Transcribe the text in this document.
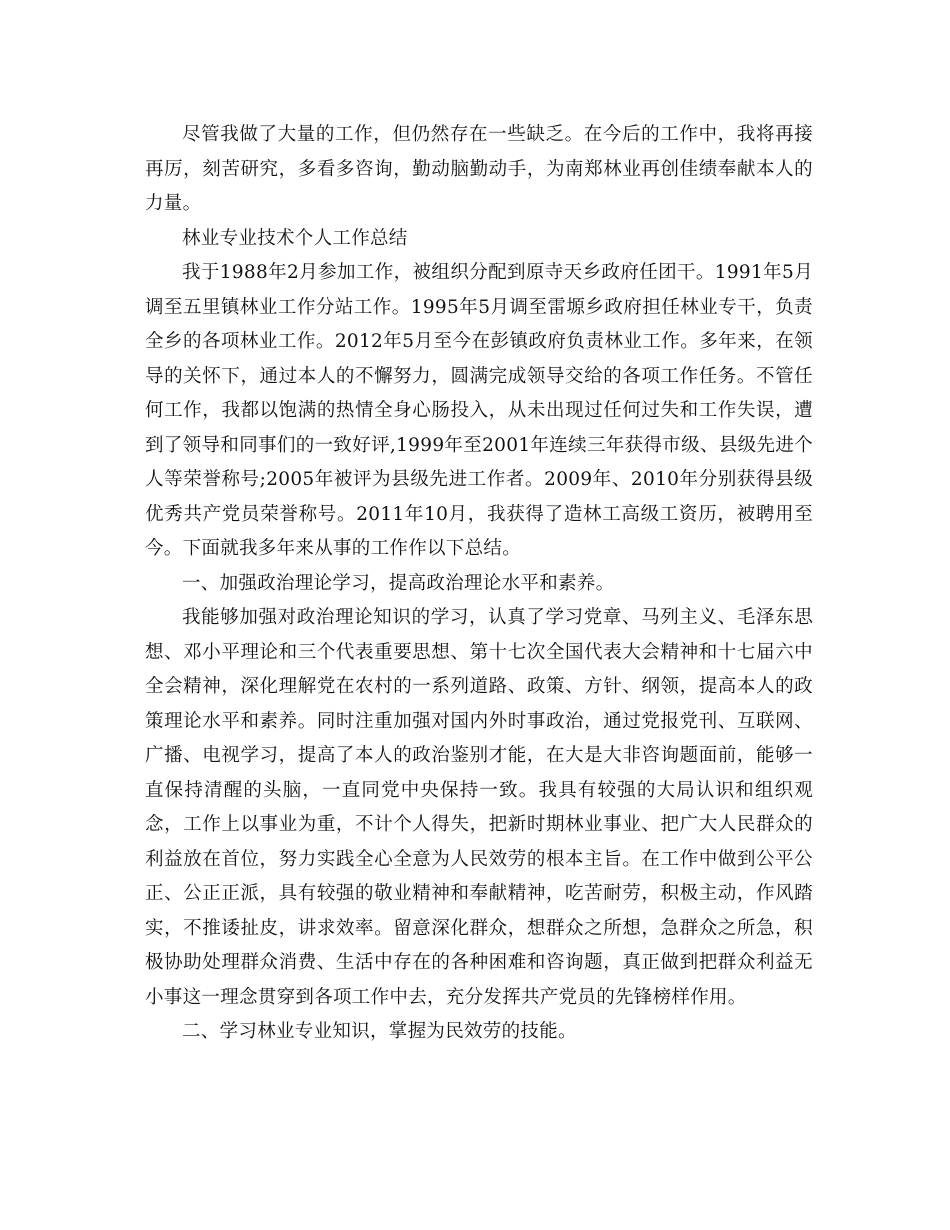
尽管我做了大量的工作，但仍然存在一些缺乏。在今后的工作中，我将再接再厉，刻苦研究，多看多咨询，勤动脑勤动手，为南郑林业再创佳绩奉献本人的力量。

林业专业技术个人工作总结

我于1988年2月参加工作，被组织分配到原寺天乡政府任团干。1991年5月调至五里镇林业工作分站工作。1995年5月调至雷塬乡政府担任林业专干，负责全乡的各项林业工作。2012年5月至今在彭镇政府负责林业工作。多年来，在领导的关怀下，通过本人的不懈努力，圆满完成领导交给的各项工作任务。不管任何工作，我都以饱满的热情全身心肠投入，从未出现过任何过失和工作失误，遭到了领导和同事们的一致好评,1999年至2001年连续三年获得市级、县级先进个人等荣誉称号;2005年被评为县级先进工作者。2009年、2010年分别获得县级优秀共产党员荣誉称号。2011年10月，我获得了造林工高级工资历，被聘用至今。下面就我多年来从事的工作作以下总结。

一、加强政治理论学习，提高政治理论水平和素养。

我能够加强对政治理论知识的学习，认真了学习党章、马列主义、毛泽东思想、邓小平理论和三个代表重要思想、第十七次全国代表大会精神和十七届六中全会精神，深化理解党在农村的一系列道路、政策、方针、纲领，提高本人的政策理论水平和素养。同时注重加强对国内外时事政治，通过党报党刊、互联网、广播、电视学习，提高了本人的政治鉴别才能，在大是大非咨询题面前，能够一直保持清醒的头脑，一直同党中央保持一致。我具有较强的大局认识和组织观念，工作上以事业为重，不计个人得失，把新时期林业事业、把广大人民群众的利益放在首位，努力实践全心全意为人民效劳的根本主旨。在工作中做到公平公正、公正正派，具有较强的敬业精神和奉献精神，吃苦耐劳，积极主动，作风踏实，不推诿扯皮，讲求效率。留意深化群众，想群众之所想，急群众之所急，积极协助处理群众消费、生活中存在的各种困难和咨询题，真正做到把群众利益无小事这一理念贯穿到各项工作中去，充分发挥共产党员的先锋榜样作用。

二、学习林业专业知识，掌握为民效劳的技能。
